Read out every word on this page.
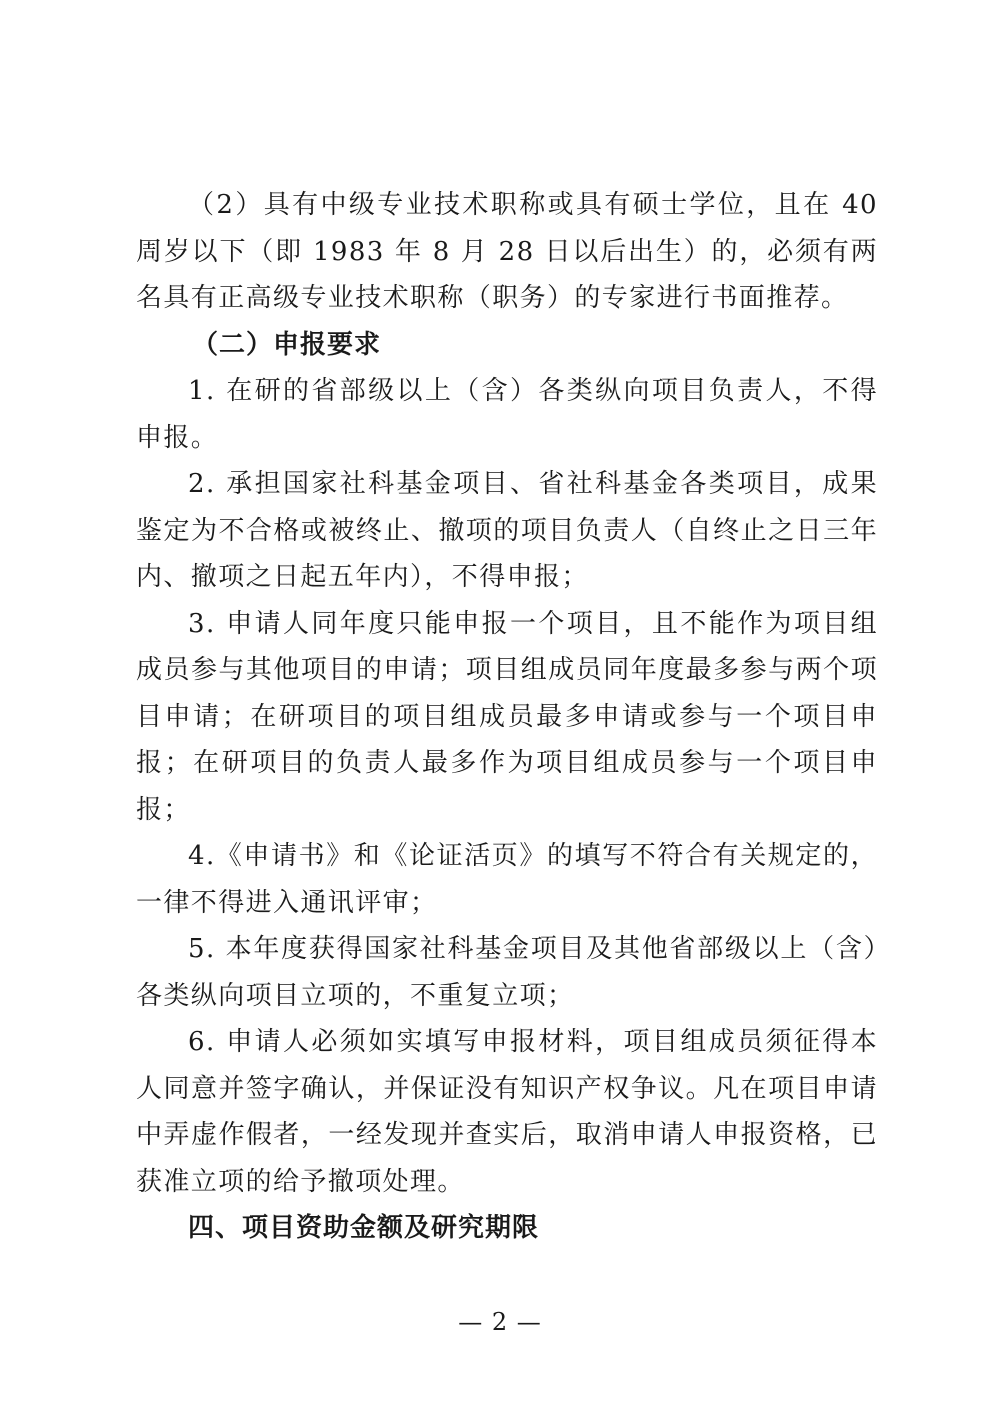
（2）具有中级专业技术职称或具有硕士学位，且在 40 周岁以下（即 1983 年 8 月 28 日以后出生）的，必须有两名具有正高级专业技术职称（职务）的专家进行书面推荐。

（二）申报要求

1. 在研的省部级以上（含）各类纵向项目负责人，不得申报。

2. 承担国家社科基金项目、省社科基金各类项目，成果鉴定为不合格或被终止、撤项的项目负责人（自终止之日三年内、撤项之日起五年内），不得申报；

3. 申请人同年度只能申报一个项目，且不能作为项目组成员参与其他项目的申请；项目组成员同年度最多参与两个项目申请；在研项目的项目组成员最多申请或参与一个项目申报；在研项目的负责人最多作为项目组成员参与一个项目申报；

4.《申请书》和《论证活页》的填写不符合有关规定的，一律不得进入通讯评审；

5. 本年度获得国家社科基金项目及其他省部级以上（含）各类纵向项目立项的，不重复立项；

6. 申请人必须如实填写申报材料，项目组成员须征得本人同意并签字确认，并保证没有知识产权争议。凡在项目申请中弄虚作假者，一经发现并查实后，取消申请人申报资格，已获准立项的给予撤项处理。

四、项目资助金额及研究期限

— 2 —
